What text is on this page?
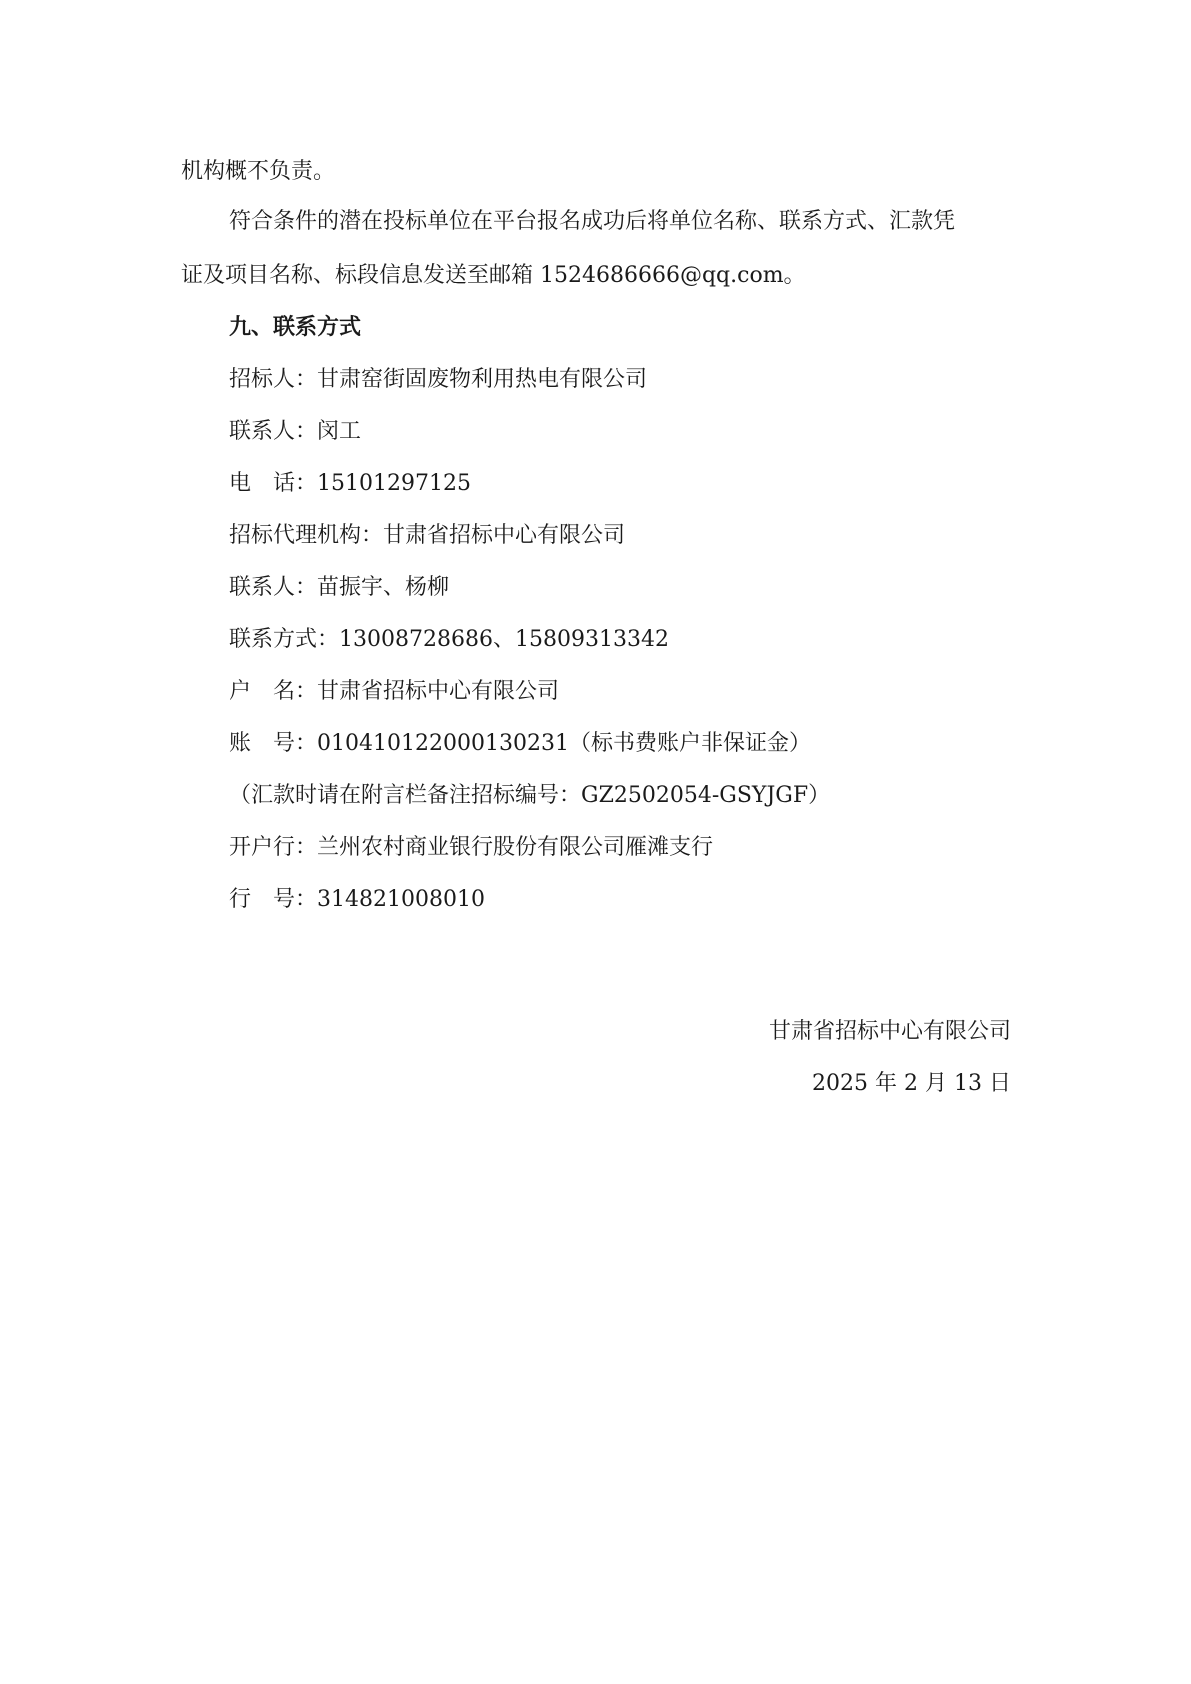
机构概不负责。
符合条件的潜在投标单位在平台报名成功后将单位名称、联系方式、汇款凭
证及项目名称、标段信息发送至邮箱 1524686666@qq.com。
九、联系方式
招标人：甘肃窑街固废物利用热电有限公司
联系人：闵工
电　话：15101297125
招标代理机构：甘肃省招标中心有限公司
联系人：苗振宇、杨柳
联系方式：13008728686、15809313342
户　名：甘肃省招标中心有限公司
账　号：010410122000130231（标书费账户非保证金）
（汇款时请在附言栏备注招标编号：GZ2502054-GSYJGF）
开户行：兰州农村商业银行股份有限公司雁滩支行
行　号：314821008010
甘肃省招标中心有限公司
2025 年 2 月 13 日
